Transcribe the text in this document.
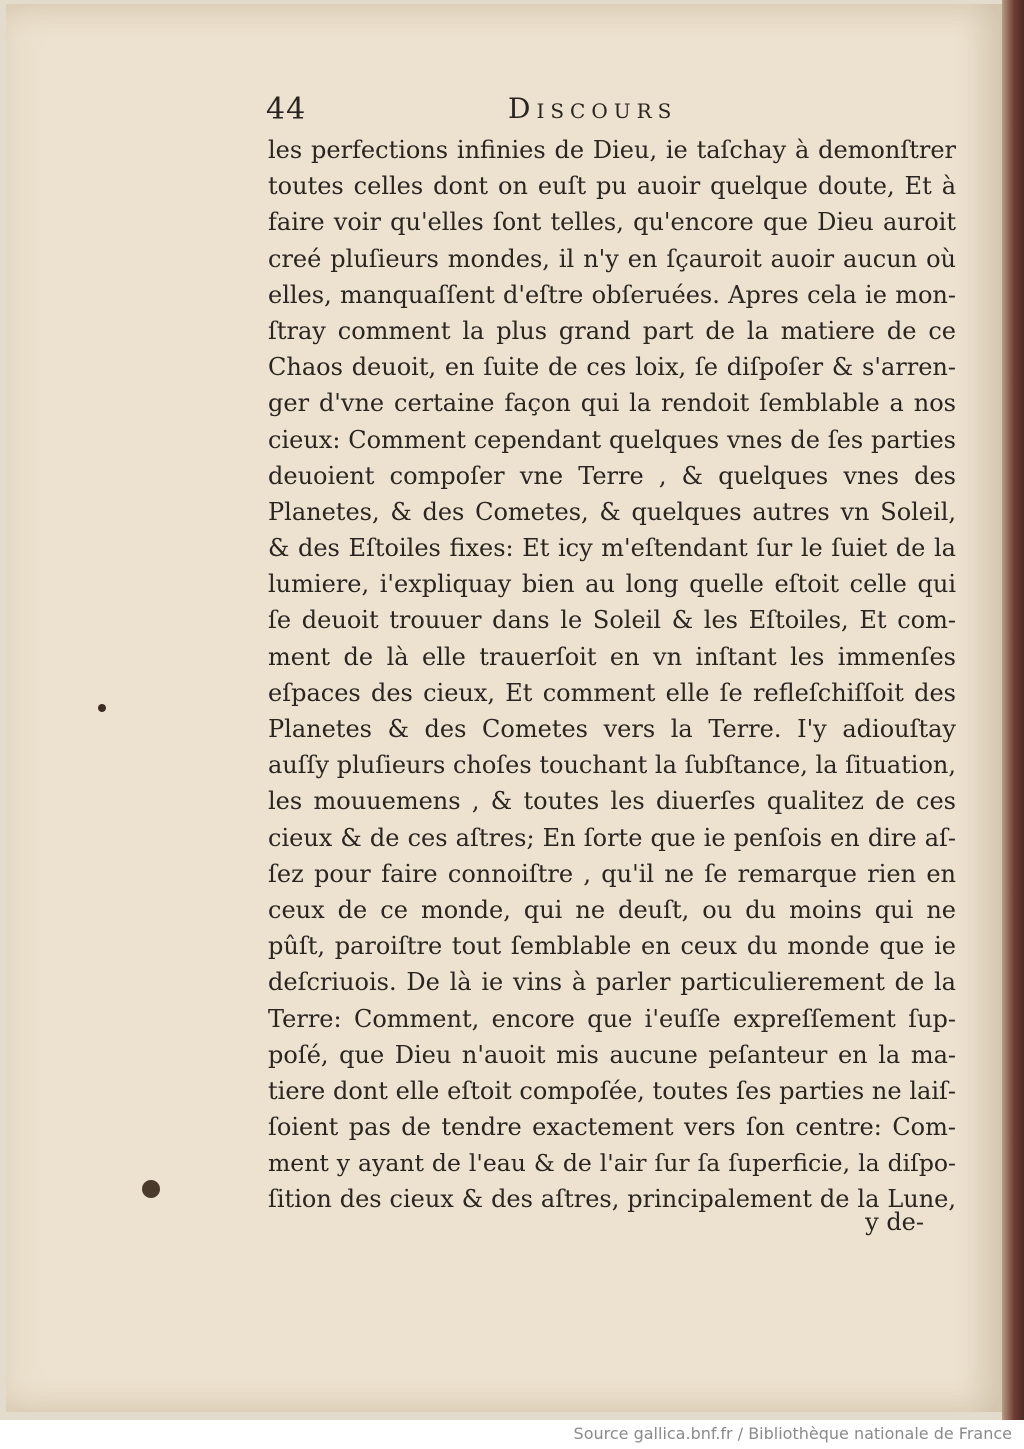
44	Discours
les perfections infinies de Dieu, ie taſchay à demonſtrer
toutes celles dont on euſt pu auoir quelque doute, Et à
faire voir qu'elles ſont telles, qu'encore que Dieu auroit
creé pluſieurs mondes, il n'y en ſçauroit auoir aucun où
elles, manquaſſent d'eſtre obſeruées. Apres cela ie mon-
ſtray comment la plus grand part de la matiere de ce
Chaos deuoit, en ſuite de ces loix, ſe diſpoſer & s'arren-
ger d'vne certaine façon qui la rendoit ſemblable a nos
cieux: Comment cependant quelques vnes de ſes parties
deuoient compoſer vne Terre , & quelques vnes des
Planetes, & des Cometes, & quelques autres vn Soleil,
& des Eſtoiles fixes: Et icy m'eſtendant ſur le ſuiet de la
lumiere, i'expliquay bien au long quelle eſtoit celle qui
ſe deuoit trouuer dans le Soleil & les Eſtoiles, Et com-
ment de là elle trauerſoit en vn inſtant les immenſes
eſpaces des cieux, Et comment elle ſe refleſchiſſoit des
Planetes & des Cometes vers la Terre. I'y adiouſtay
auſſy pluſieurs choſes touchant la ſubſtance, la ſituation,
les mouuemens , & toutes les diuerſes qualitez de ces
cieux & de ces aſtres; En ſorte que ie penſois en dire aſ-
ſez pour faire connoiſtre , qu'il ne ſe remarque rien en
ceux de ce monde, qui ne deuſt, ou du moins qui ne
pûſt, paroiſtre tout ſemblable en ceux du monde que ie
deſcriuois. De là ie vins à parler particulierement de la
Terre: Comment, encore que i'euſſe expreſſement ſup-
poſé, que Dieu n'auoit mis aucune peſanteur en la ma-
tiere dont elle eſtoit compoſée, toutes ſes parties ne laiſ-
ſoient pas de tendre exactement vers ſon centre: Com-
ment y ayant de l'eau & de l'air ſur ſa ſuperficie, la diſpo-
ſition des cieux & des aſtres, principalement de la Lune,
y de-
Source gallica.bnf.fr / Bibliothèque nationale de France
